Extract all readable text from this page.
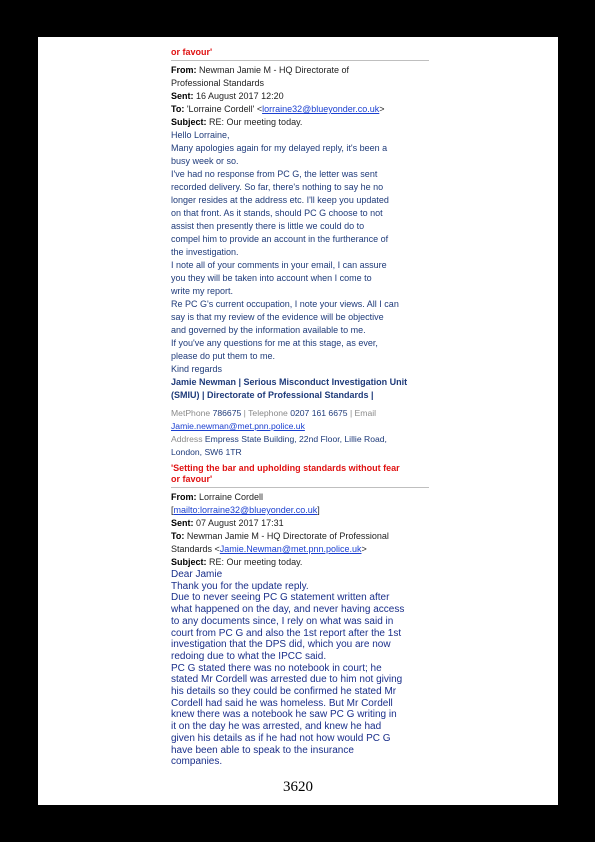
or favour'
From: Newman Jamie M - HQ Directorate of
Professional Standards
Sent: 16 August 2017 12:20
To: 'Lorraine Cordell' <lorraine32@blueyonder.co.uk>
Subject: RE: Our meeting today.
Hello Lorraine,
Many apologies again for my delayed reply, it's been a
busy week or so.
I've had no response from PC G, the letter was sent
recorded delivery. So far, there's nothing to say he no
longer resides at the address etc. I'll keep you updated
on that front. As it stands, should PC G choose to not
assist then presently there is little we could do to
compel him to provide an account in the furtherance of
the investigation.
I note all of your comments in your email, I can assure
you they will be taken into account when I come to
write my report.
Re PC G's current occupation, I note your views. All I can
say is that my review of the evidence will be objective
and governed by the information available to me.
If you've any questions for me at this stage, as ever,
please do put them to me.
Kind regards
Jamie Newman | Serious Misconduct Investigation Unit
(SMIU) | Directorate of Professional Standards |
MetPhone 786675 | Telephone 0207 161 6675 | Email
Jamie.newman@met.pnn.police.uk
Address Empress State Building, 22nd Floor, Lillie Road,
London, SW6 1TR
'Setting the bar and upholding standards without fear
or favour'
From: Lorraine Cordell
[mailto:lorraine32@blueyonder.co.uk]
Sent: 07 August 2017 17:31
To: Newman Jamie M - HQ Directorate of Professional
Standards <Jamie.Newman@met.pnn.police.uk>
Subject: RE: Our meeting today.
Dear Jamie
Thank you for the update reply.
Due to never seeing PC G statement written after
what happened on the day, and never having access
to any documents since, I rely on what was said in
court from PC G and also the 1st report after the 1st
investigation that the DPS did, which you are now
redoing due to what the IPCC said.
PC G stated there was no notebook in court; he
stated Mr Cordell was arrested due to him not giving
his details so they could be confirmed he stated Mr
Cordell had said he was homeless. But Mr Cordell
knew there was a notebook he saw PC G writing in
it on the day he was arrested, and knew he had
given his details as if he had not how would PC G
have been able to speak to the insurance
companies.
3620
